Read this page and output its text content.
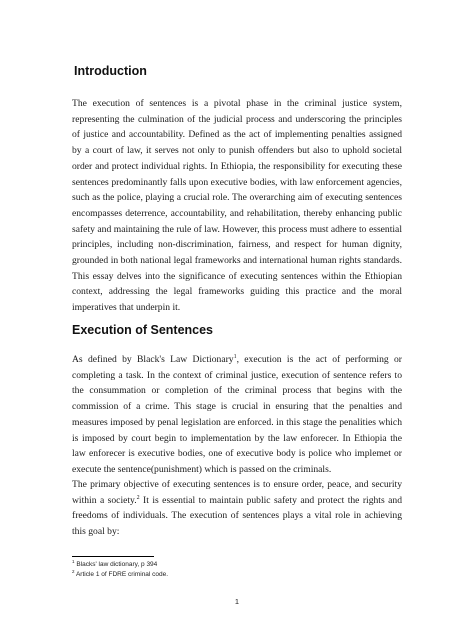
Introduction

The execution of sentences is a pivotal phase in the criminal justice system, representing the culmination of the judicial process and underscoring the principles of justice and accountability. Defined as the act of implementing penalties assigned by a court of law, it serves not only to punish offenders but also to uphold societal order and protect individual rights. In Ethiopia, the responsibility for executing these sentences predominantly falls upon executive bodies, with law enforcement agencies, such as the police, playing a crucial role. The overarching aim of executing sentences encompasses deterrence, accountability, and rehabilitation, thereby enhancing public safety and maintaining the rule of law. However, this process must adhere to essential principles, including non-discrimination, fairness, and respect for human dignity, grounded in both national legal frameworks and international human rights standards. This essay delves into the significance of executing sentences within the Ethiopian context, addressing the legal frameworks guiding this practice and the moral imperatives that underpin it.

Execution of Sentences

As defined by Black's Law Dictionary$^1$, execution is the act of performing or completing a task. In the context of criminal justice, execution of sentence refers to the consummation or completion of the criminal process that begins with the commission of a crime. This stage is crucial in ensuring that the penalties and measures imposed by penal legislation are enforced. in this stage the penalities which is imposed by court begin to implementation by the law enforecer. In Ethiopia the law enforecer is executive bodies, one of executive body is police who implemet or execute the sentence(punishment) which is passed on the criminals.

The primary objective of executing sentences is to ensure order, peace, and security within a society.$^2$ It is essential to maintain public safety and protect the rights and freedoms of individuals. The execution of sentences plays a vital role in achieving this goal by:

$^1$ Blacks' law dictionary, p 394
$^2$ Article 1 of FDRE criminal code.
1
